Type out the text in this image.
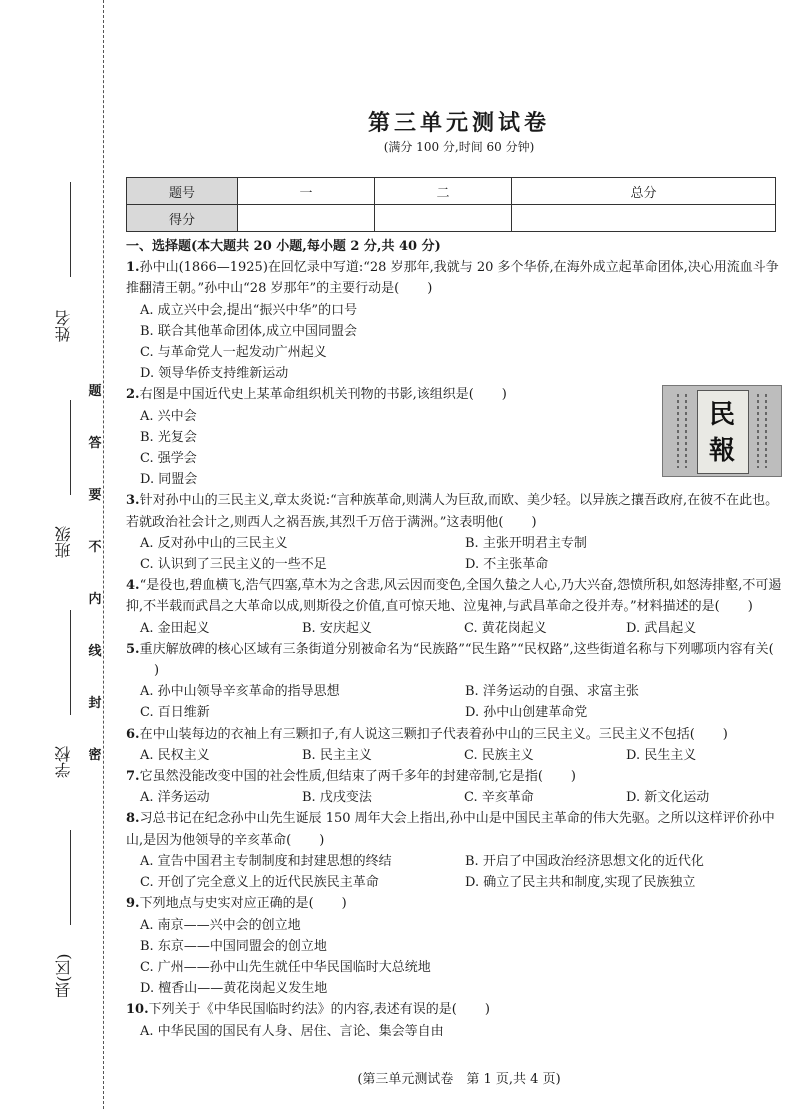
姓名
班级
学校
县(区)
题
答
要
不
内
线
封
密
第三单元测试卷
(满分 100 分,时间 60 分钟)
题号	一	二	总分
得分			
民
報
一、选择题(本大题共 20 小题,每小题 2 分,共 40 分)
1.孙中山(1866—1925)在回忆录中写道:“28 岁那年,我就与 20 多个华侨,在海外成立起革命团体,决心用流血斗争推翻清王朝。”孙中山“28 岁那年”的主要行动是( )
A. 成立兴中会,提出“振兴中华”的口号
B. 联合其他革命团体,成立中国同盟会
C. 与革命党人一起发动广州起义
D. 领导华侨支持维新运动
2.右图是中国近代史上某革命组织机关刊物的书影,该组织是( )
A. 兴中会
B. 光复会
C. 强学会
D. 同盟会
3.针对孙中山的三民主义,章太炎说:“言种族革命,则满人为巨敌,而欧、美少轻。以异族之攘吾政府,在彼不在此也。若就政治社会计之,则西人之祸吾族,其烈千万倍于满洲。”这表明他( )
A. 反对孙中山的三民主义	B. 主张开明君主专制
C. 认识到了三民主义的一些不足	D. 不主张革命
4.“是役也,碧血横飞,浩气四塞,草木为之含悲,风云因而变色,全国久蛰之人心,乃大兴奋,怨愤所积,如怒涛排壑,不可遏抑,不半载而武昌之大革命以成,则斯役之价值,直可惊天地、泣鬼神,与武昌革命之役并寿。”材料描述的是( )
A. 金田起义	B. 安庆起义	C. 黄花岗起义	D. 武昌起义
5.重庆解放碑的核心区域有三条街道分别被命名为“民族路”“民生路”“民权路”,这些街道名称与下列哪项内容有关()
A. 孙中山领导辛亥革命的指导思想	B. 洋务运动的自强、求富主张
C. 百日维新	D. 孙中山创建革命党
6.在中山装每边的衣袖上有三颗扣子,有人说这三颗扣子代表着孙中山的三民主义。三民主义不包括( )
A. 民权主义	B. 民主主义	C. 民族主义	D. 民生主义
7.它虽然没能改变中国的社会性质,但结束了两千多年的封建帝制,它是指( )
A. 洋务运动	B. 戊戌变法	C. 辛亥革命	D. 新文化运动
8.习总书记在纪念孙中山先生诞辰 150 周年大会上指出,孙中山是中国民主革命的伟大先驱。之所以这样评价孙中山,是因为他领导的辛亥革命( )
A. 宣告中国君主专制制度和封建思想的终结	B. 开启了中国政治经济思想文化的近代化
C. 开创了完全意义上的近代民族民主革命	D. 确立了民主共和制度,实现了民族独立
9.下列地点与史实对应正确的是( )
A. 南京——兴中会的创立地
B. 东京——中国同盟会的创立地
C. 广州——孙中山先生就任中华民国临时大总统地
D. 檀香山——黄花岗起义发生地
10.下列关于《中华民国临时约法》的内容,表述有误的是( )
A. 中华民国的国民有人身、居住、言论、集会等自由
(第三单元测试卷　第 1 页,共 4 页)
